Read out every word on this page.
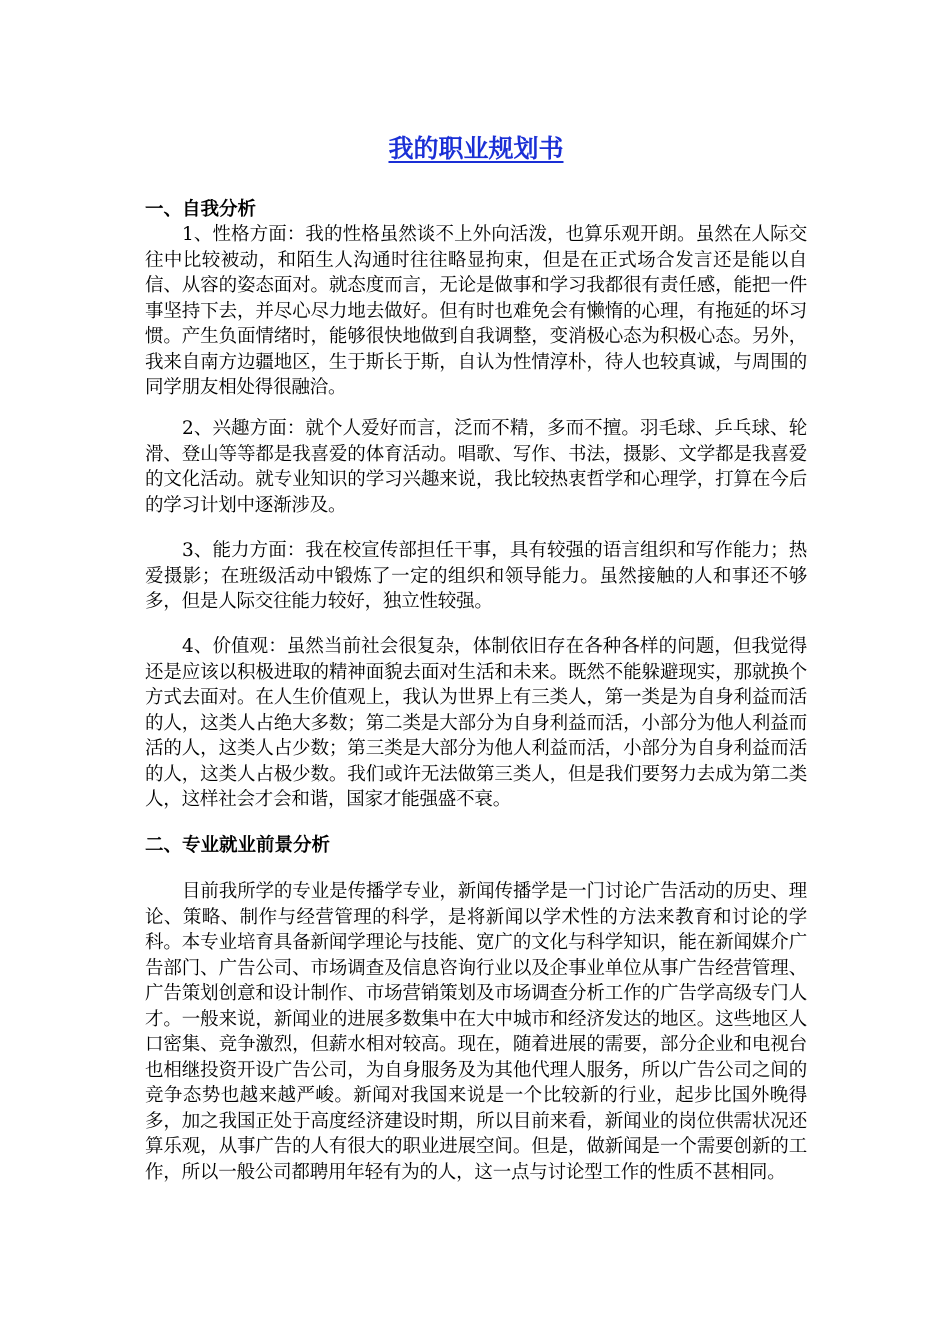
我的职业规划书
一、自我分析

1、性格方面：我的性格虽然谈不上外向活泼，也算乐观开朗。虽然在人际交往中比较被动，和陌生人沟通时往往略显拘束，但是在正式场合发言还是能以自信、从容的姿态面对。就态度而言，无论是做事和学习我都很有责任感，能把一件事坚持下去，并尽心尽力地去做好。但有时也难免会有懒惰的心理，有拖延的坏习惯。产生负面情绪时，能够很快地做到自我调整，变消极心态为积极心态。另外，我来自南方边疆地区，生于斯长于斯，自认为性情淳朴，待人也较真诚，与周围的同学朋友相处得很融洽。

2、兴趣方面：就个人爱好而言，泛而不精，多而不擅。羽毛球、乒乓球、轮滑、登山等等都是我喜爱的体育活动。唱歌、写作、书法，摄影、文学都是我喜爱的文化活动。就专业知识的学习兴趣来说，我比较热衷哲学和心理学，打算在今后的学习计划中逐渐涉及。

3、能力方面：我在校宣传部担任干事，具有较强的语言组织和写作能力；热爱摄影；在班级活动中锻炼了一定的组织和领导能力。虽然接触的人和事还不够多，但是人际交往能力较好，独立性较强。

4、价值观：虽然当前社会很复杂，体制依旧存在各种各样的问题，但我觉得还是应该以积极进取的精神面貌去面对生活和未来。既然不能躲避现实，那就换个方式去面对。在人生价值观上，我认为世界上有三类人，第一类是为自身利益而活的人，这类人占绝大多数；第二类是大部分为自身利益而活，小部分为他人利益而活的人，这类人占少数；第三类是大部分为他人利益而活，小部分为自身利益而活的人，这类人占极少数。我们或许无法做第三类人，但是我们要努力去成为第二类人，这样社会才会和谐，国家才能强盛不衰。

二、专业就业前景分析

目前我所学的专业是传播学专业，新闻传播学是一门讨论广告活动的历史、理论、策略、制作与经营管理的科学，是将新闻以学术性的方法来教育和讨论的学科。本专业培育具备新闻学理论与技能、宽广的文化与科学知识，能在新闻媒介广告部门、广告公司、市场调查及信息咨询行业以及企事业单位从事广告经营管理、广告策划创意和设计制作、市场营销策划及市场调查分析工作的广告学高级专门人才。一般来说，新闻业的进展多数集中在大中城市和经济发达的地区。这些地区人口密集、竞争激烈，但薪水相对较高。现在，随着进展的需要，部分企业和电视台也相继投资开设广告公司，为自身服务及为其他代理人服务，所以广告公司之间的竞争态势也越来越严峻。新闻对我国来说是一个比较新的行业，起步比国外晚得多，加之我国正处于高度经济建设时期，所以目前来看，新闻业的岗位供需状况还算乐观，从事广告的人有很大的职业进展空间。但是，做新闻是一个需要创新的工作，所以一般公司都聘用年轻有为的人，这一点与讨论型工作的性质不甚相同。
